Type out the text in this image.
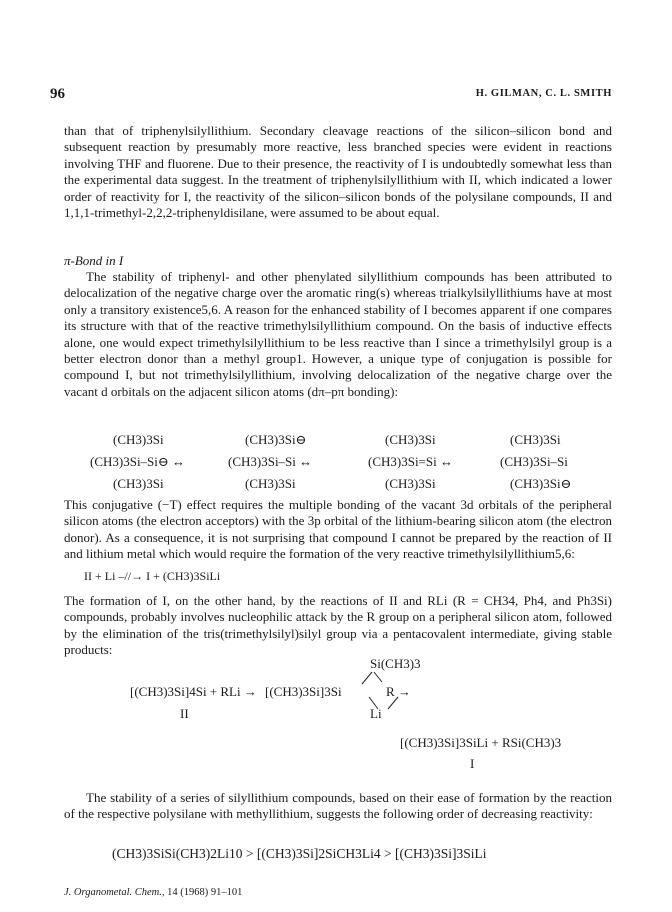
96	H. GILMAN, C. L. SMITH
than that of triphenylsilyllithium. Secondary cleavage reactions of the silicon–silicon bond and subsequent reaction by presumably more reactive, less branched species were evident in reactions involving THF and fluorene. Due to their presence, the reactivity of I is undoubtedly somewhat less than the experimental data suggest. In the treatment of triphenylsilyllithium with II, which indicated a lower order of reactivity for I, the reactivity of the silicon–silicon bonds of the polysilane compounds, II and 1,1,1-trimethyl-2,2,2-triphenyldisilane, were assumed to be about equal.
π-Bond in I
The stability of triphenyl- and other phenylated silyllithium compounds has been attributed to delocalization of the negative charge over the aromatic ring(s) whereas trialkylsilyllithiums have at most only a transitory existence5,6. A reason for the enhanced stability of I becomes apparent if one compares its structure with that of the reactive trimethylsilyllithium compound. On the basis of inductive effects alone, one would expect trimethylsilyllithium to be less reactive than I since a trimethylsilyl group is a better electron donor than a methyl group1. However, a unique type of conjugation is possible for compound I, but not trimethylsilyllithium, involving delocalization of the negative charge over the vacant d orbitals on the adjacent silicon atoms (dπ–pπ bonding):
(CH3)3Si	(CH3)3Si⊖	(CH3)3Si	(CH3)3Si
(CH3)3Si–Si⊖ ↔	(CH3)3Si–Si ↔	(CH3)3Si=Si ↔	(CH3)3Si–Si
(CH3)3Si	(CH3)3Si	(CH3)3Si	(CH3)3Si⊖
This conjugative (−T) effect requires the multiple bonding of the vacant 3d orbitals of the peripheral silicon atoms (the electron acceptors) with the 3p orbital of the lithium-bearing silicon atom (the electron donor). As a consequence, it is not surprising that compound I cannot be prepared by the reaction of II and lithium metal which would require the formation of the very reactive trimethylsilyllithium5,6:
II + Li –//→ I + (CH3)3SiLi
The formation of I, on the other hand, by the reactions of II and RLi (R = CH34, Ph4, and Ph3Si) compounds, probably involves nucleophilic attack by the R group on a peripheral silicon atom, followed by the elimination of the tris(trimethylsilyl)silyl group via a pentacovalent intermediate, giving stable products:
Si(CH3)3
[(CH3)3Si]4Si + RLi → [(CH3)3Si]3Si	R →
II	Li
[(CH3)3Si]3SiLi + RSi(CH3)3
I
The stability of a series of silyllithium compounds, based on their ease of formation by the reaction of the respective polysilane with methyllithium, suggests the following order of decreasing reactivity:
(CH3)3SiSi(CH3)2Li10 > [(CH3)3Si]2SiCH3Li4 > [(CH3)3Si]3SiLi
J. Organometal. Chem., 14 (1968) 91–101
